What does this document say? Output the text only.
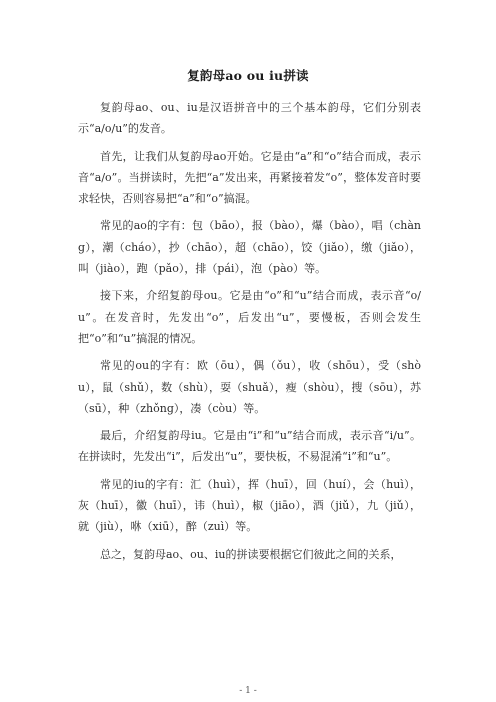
复韵母ao ou iu拼读

复韵母ao、ou、iu是汉语拼音中的三个基本韵母，它们分别表示“a/o/u”的发音。

首先，让我们从复韵母ao开始。它是由“a”和“o”结合而成，表示音“a/o”。当拼读时，先把“a”发出来，再紧接着发“o”，整体发音时要求轻快，否则容易把“a”和“o”搞混。

常见的ao的字有：包（bāo），报（bào），爆（bào），唱（chàng），潮（cháo），抄（chāo），超（chāo），饺（jiǎo），缴（jiǎo），叫（jiào），跑（pǎo），排（pái），泡（pào）等。

接下来，介绍复韵母ou。它是由“o”和“u”结合而成，表示音“o/u”。在发音时，先发出“o”，后发出“u”，要慢板，否则会发生把“o”和“u”搞混的情况。

常见的ou的字有：欧（ōu），偶（ǒu），收（shōu），受（shòu），鼠（shǔ），数（shù），耍（shuǎ），瘦（shòu），搜（sōu），苏（sū），种（zhǒng），凑（còu）等。

最后，介绍复韵母iu。它是由“i”和“u”结合而成，表示音“i/u”。在拼读时，先发出“i”，后发出“u”，要快板，不易混淆“i”和“u”。

常见的iu的字有：汇（huì），挥（huī），回（huí），会（huì），灰（huī），徽（huī），讳（huì），椒（jiāo），酒（jiǔ），九（jiǔ），就（jiù），咻（xiū），醉（zuì）等。

总之，复韵母ao、ou、iu的拼读要根据它们彼此之间的关系，

- 1 -
